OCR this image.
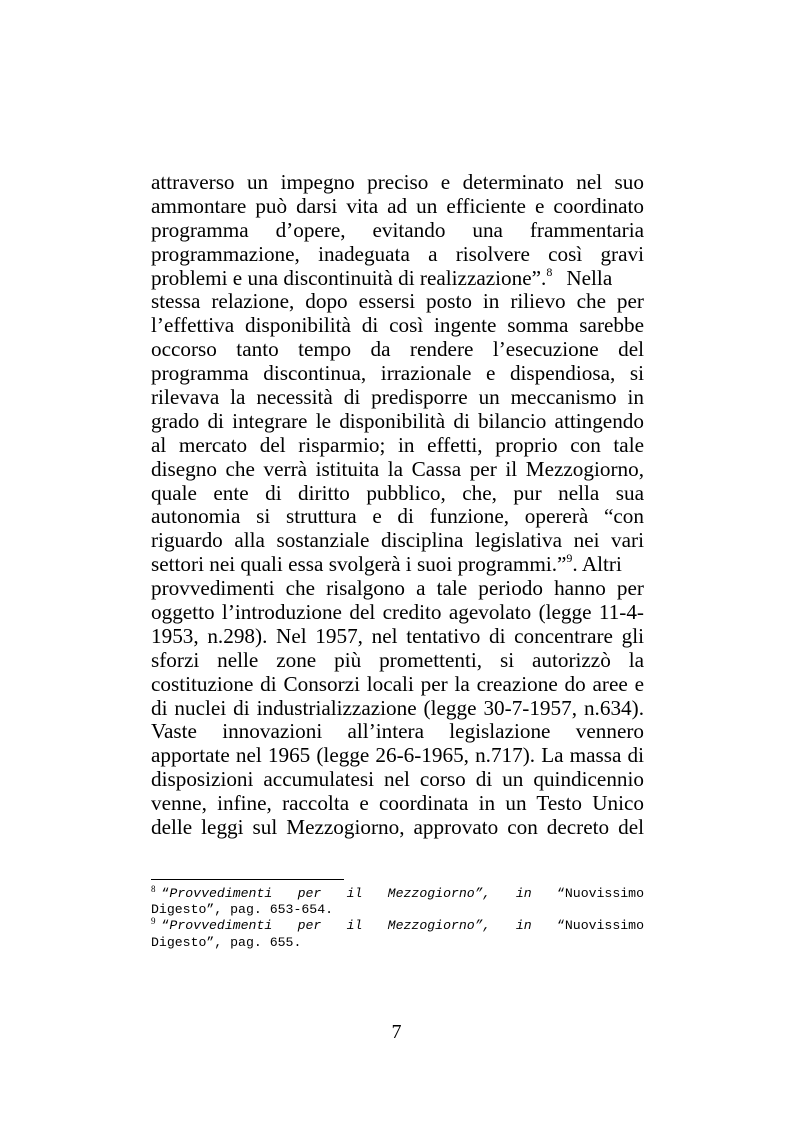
attraverso un impegno preciso e determinato nel suo
ammontare può darsi vita ad un efficiente e coordinato
programma d’opere, evitando una frammentaria
programmazione, inadeguata a risolvere così gravi
problemi e una discontinuità di realizzazione”.$^8$ Nella
stessa relazione, dopo essersi posto in rilievo che per
l’effettiva disponibilità di così ingente somma sarebbe
occorso tanto tempo da rendere l’esecuzione del
programma discontinua, irrazionale e dispendiosa, si
rilevava la necessità di predisporre un meccanismo in
grado di integrare le disponibilità di bilancio attingendo
al mercato del risparmio; in effetti, proprio con tale
disegno che verrà istituita la Cassa per il Mezzogiorno,
quale ente di diritto pubblico, che, pur nella sua
autonomia si struttura e di funzione, opererà “con
riguardo alla sostanziale disciplina legislativa nei vari
settori nei quali essa svolgerà i suoi programmi.”$^9$. Altri
provvedimenti che risalgono a tale periodo hanno per
oggetto l’introduzione del credito agevolato (legge 11-4-
1953, n.298). Nel 1957, nel tentativo di concentrare gli
sforzi nelle zone più promettenti, si autorizzò la
costituzione di Consorzi locali per la creazione do aree e
di nuclei di industrializzazione (legge 30-7-1957, n.634).
Vaste innovazioni all’intera legislazione vennero
apportate nel 1965 (legge 26-6-1965, n.717). La massa di
disposizioni accumulatesi nel corso di un quindicennio
venne, infine, raccolta e coordinata in un Testo Unico
delle leggi sul Mezzogiorno, approvato con decreto del
$^8$ “Provvedimenti per il Mezzogiorno”, in “Nuovissimo
Digesto”, pag. 653-654.
$^9$ “Provvedimenti per il Mezzogiorno”, in “Nuovissimo
Digesto”, pag. 655.
7
